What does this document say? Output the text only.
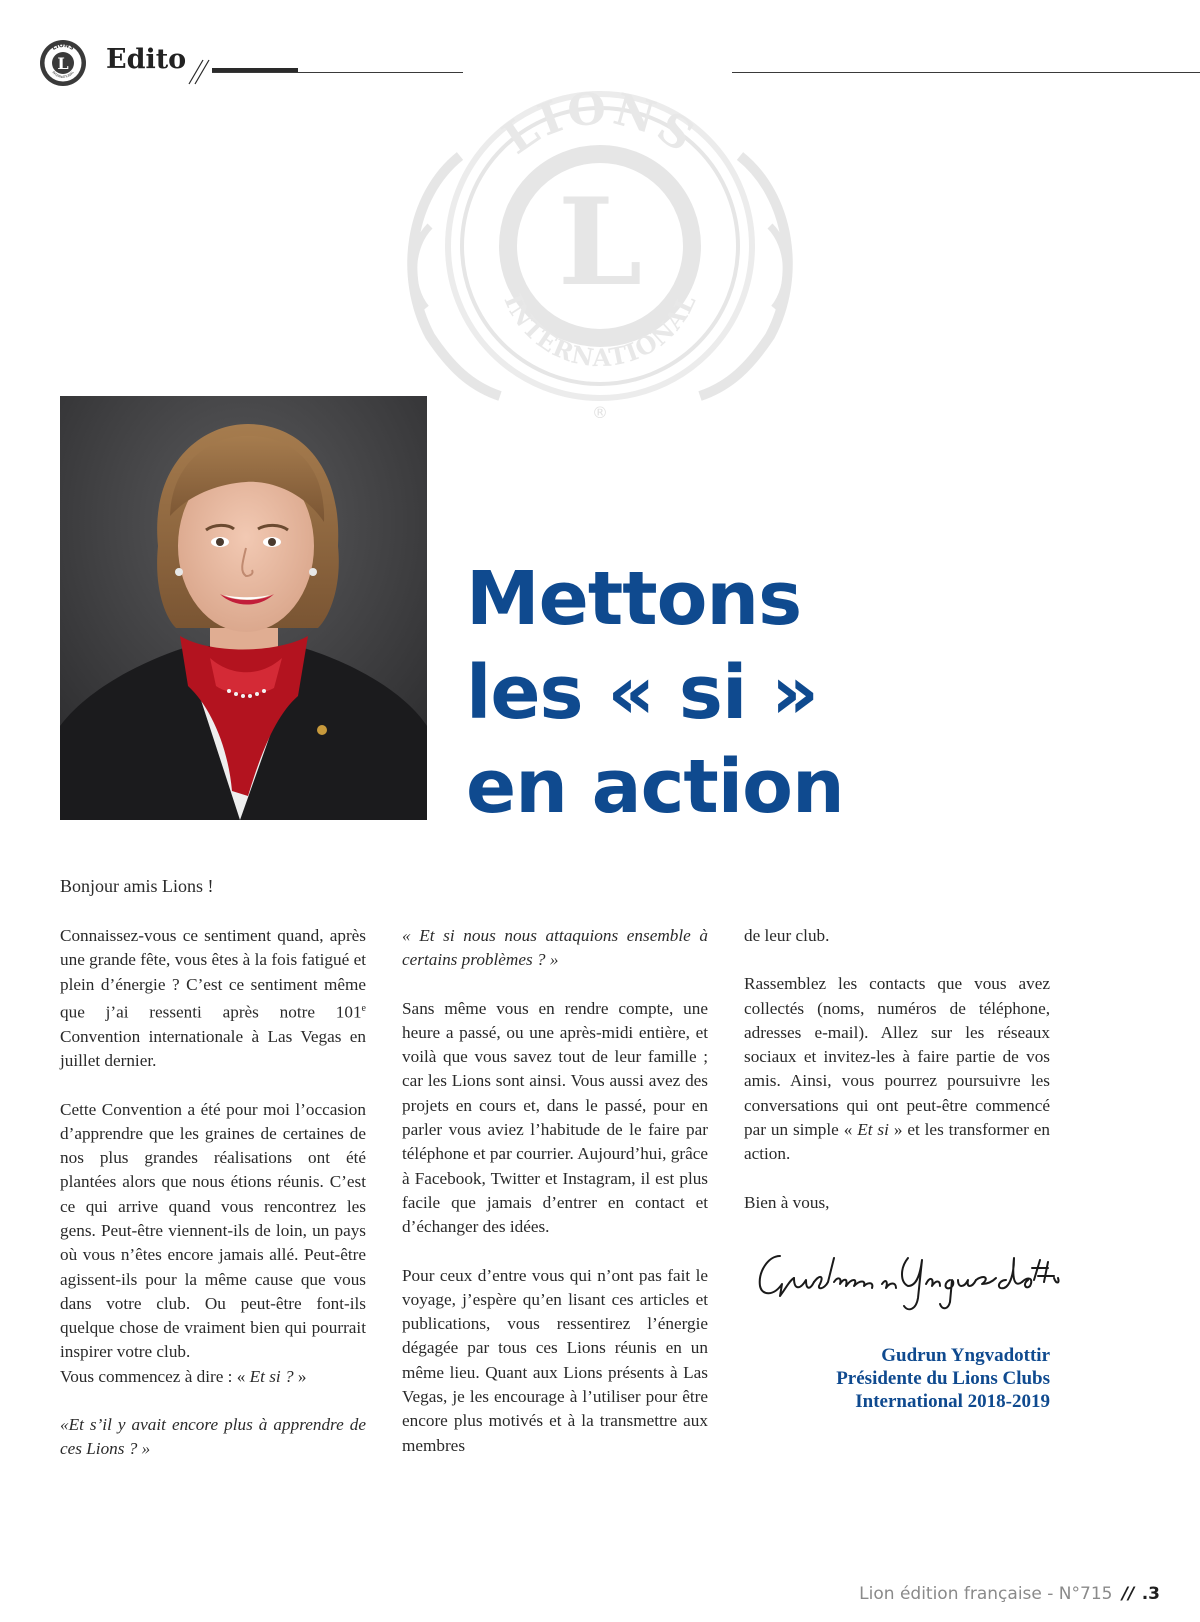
L
LIONS
INTERNATIONAL Edito
L
LIONS
INTERNATIONAL
®
Mettons
les « si »
en action

Bonjour amis Lions !

Connaissez-vous ce sentiment quand, après une grande fête, vous êtes à la fois fatigué et plein d’énergie ? C’est ce sentiment même que j’ai ressenti après notre 101e Convention internationale à Las Vegas en juillet dernier.

Cette Convention a été pour moi l’occasion d’apprendre que les graines de certaines de nos plus grandes réalisations ont été plantées alors que nous étions réunis. C’est ce qui arrive quand vous rencontrez les gens. Peut-être viennent-ils de loin, un pays où vous n’êtes encore jamais allé. Peut-être agissent-ils pour la même cause que vous dans votre club. Ou peut-être font-ils quelque chose de vraiment bien qui pourrait inspirer votre club.

Vous commencez à dire : « Et si ? »

«Et s’il y avait encore plus à apprendre de ces Lions ? »

« Et si nous nous attaquions ensemble à certains problèmes ? »

Sans même vous en rendre compte, une heure a passé, ou une après-midi entière, et voilà que vous savez tout de leur famille ; car les Lions sont ainsi. Vous aussi avez des projets en cours et, dans le passé, pour en parler vous aviez l’habitude de le faire par téléphone et par courrier. Aujourd’hui, grâce à Facebook, Twitter et Instagram, il est plus facile que jamais d’entrer en contact et d’échanger des idées.

Pour ceux d’entre vous qui n’ont pas fait le voyage, j’espère qu’en lisant ces articles et publications, vous ressentirez l’énergie dégagée par tous ces Lions réunis en un même lieu. Quant aux Lions présents à Las Vegas, je les encourage à l’utiliser pour être encore plus motivés et à la transmettre aux membres

de leur club.

Rassemblez les contacts que vous avez collectés (noms, numéros de téléphone, adresses e-mail). Allez sur les réseaux sociaux et invitez-les à faire partie de vos amis. Ainsi, vous pourrez poursuivre les conversations qui ont peut-être commencé par un simple « Et si » et les transformer en action.

Bien à vous,

Gudrun Yngvadottir
Présidente du Lions Clubs
International 2018-2019

Lion édition française - N°715 // .3
